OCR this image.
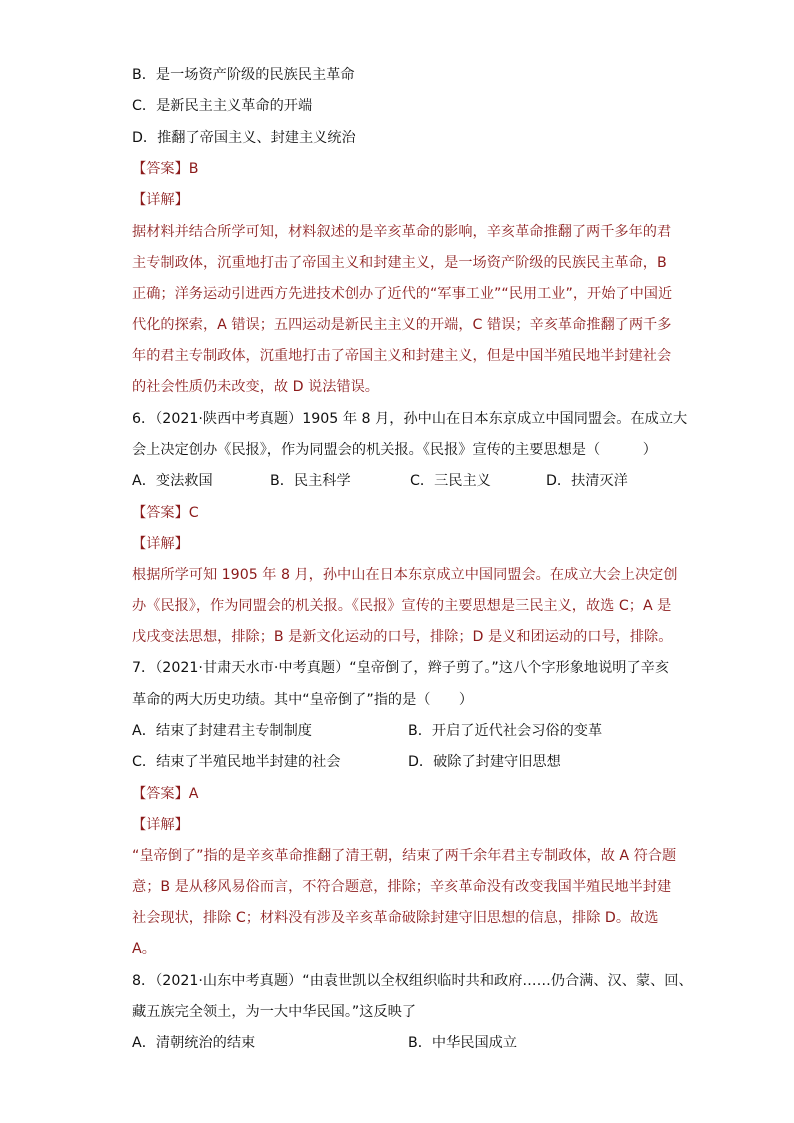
B．是一场资产阶级的民族民主革命
C．是新民主主义革命的开端
D．推翻了帝国主义、封建主义统治
【答案】B
【详解】
据材料并结合所学可知，材料叙述的是辛亥革命的影响，辛亥革命推翻了两千多年的君
主专制政体，沉重地打击了帝国主义和封建主义，是一场资产阶级的民族民主革命，B
正确；洋务运动引进西方先进技术创办了近代的“军事工业”“民用工业”，开始了中国近
代化的探索，A 错误；五四运动是新民主主义的开端，C 错误；辛亥革命推翻了两千多
年的君主专制政体，沉重地打击了帝国主义和封建主义，但是中国半殖民地半封建社会
的社会性质仍未改变，故 D 说法错误。
6．（2021·陕西中考真题）1905 年 8 月，孙中山在日本东京成立中国同盟会。在成立大
会上决定创办《民报》，作为同盟会的机关报。《民报》宣传的主要思想是（　　　）
A．变法救国	B．民主科学	C．三民主义	D．扶清灭洋
【答案】C
【详解】
根据所学可知 1905 年 8 月，孙中山在日本东京成立中国同盟会。在成立大会上决定创
办《民报》，作为同盟会的机关报。《民报》宣传的主要思想是三民主义，故选 C；A 是
戊戌变法思想，排除；B 是新文化运动的口号，排除；D 是义和团运动的口号，排除。
7．（2021·甘肃天水市·中考真题）“皇帝倒了，辫子剪了。”这八个字形象地说明了辛亥
革命的两大历史功绩。其中“皇帝倒了”指的是（　　）
A．结束了封建君主专制制度	B．开启了近代社会习俗的变革
C．结束了半殖民地半封建的社会	D．破除了封建守旧思想
【答案】A
【详解】
“皇帝倒了”指的是辛亥革命推翻了清王朝，结束了两千余年君主专制政体，故 A 符合题
意；B 是从移风易俗而言，不符合题意，排除；辛亥革命没有改变我国半殖民地半封建
社会现状，排除 C；材料没有涉及辛亥革命破除封建守旧思想的信息，排除 D。故选
A。
8．（2021·山东中考真题）“由袁世凯以全权组织临时共和政府……仍合满、汉、蒙、回、
藏五族完全领土，为一大中华民国。”这反映了
A．清朝统治的结束	B．中华民国成立
